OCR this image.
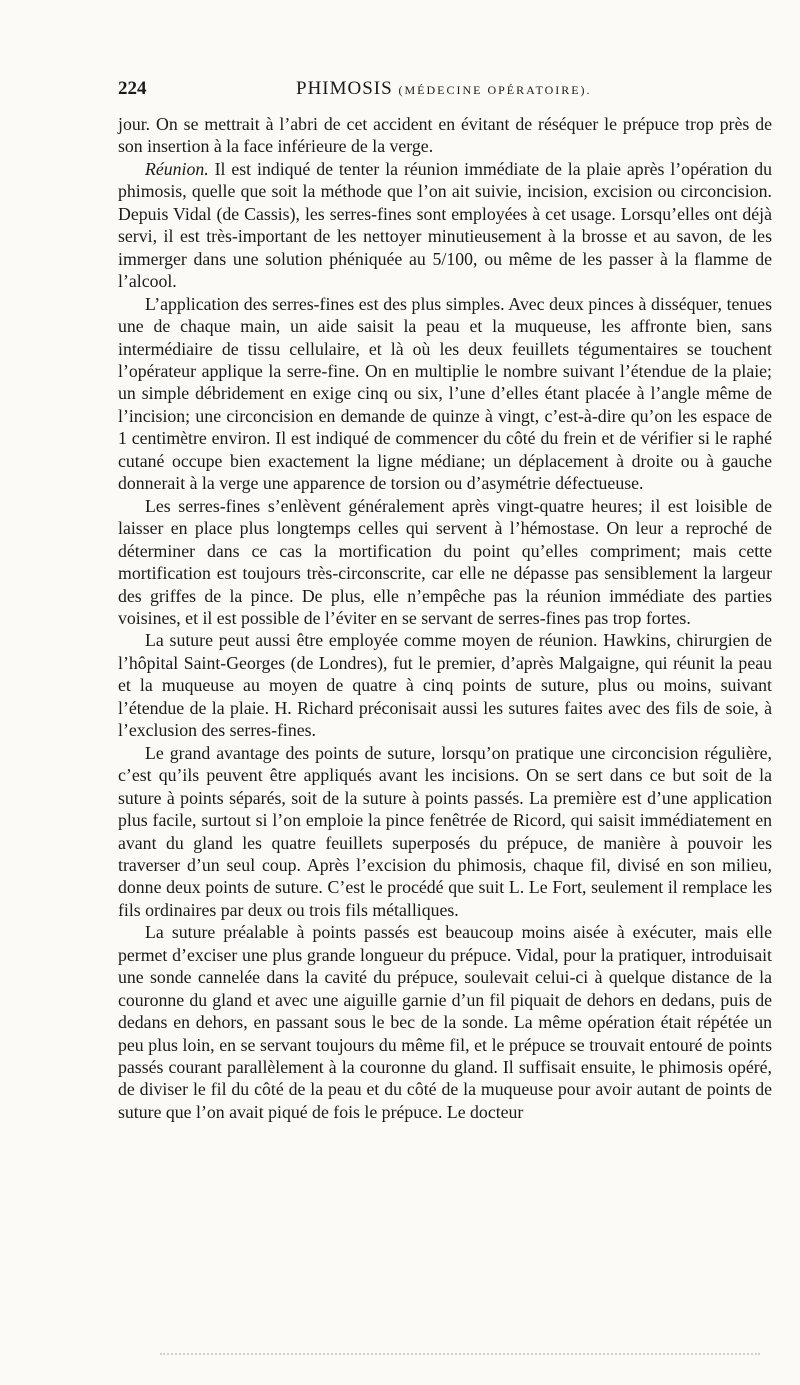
224	PHIMOSIS (MÉDECINE OPÉRATOIRE).

jour. On se mettrait à l’abri de cet accident en évitant de réséquer le prépuce trop près de son insertion à la face inférieure de la verge.

Réunion. Il est indiqué de tenter la réunion immédiate de la plaie après l’opération du phimosis, quelle que soit la méthode que l’on ait suivie, incision, excision ou circoncision. Depuis Vidal (de Cassis), les serres-fines sont employées à cet usage. Lorsqu’elles ont déjà servi, il est très-important de les nettoyer minutieusement à la brosse et au savon, de les immerger dans une solution phéniquée au 5/100, ou même de les passer à la flamme de l’alcool.

L’application des serres-fines est des plus simples. Avec deux pinces à disséquer, tenues une de chaque main, un aide saisit la peau et la muqueuse, les affronte bien, sans intermédiaire de tissu cellulaire, et là où les deux feuillets tégumentaires se touchent l’opérateur applique la serre-fine. On en multiplie le nombre suivant l’étendue de la plaie; un simple débridement en exige cinq ou six, l’une d’elles étant placée à l’angle même de l’incision; une circoncision en demande de quinze à vingt, c’est-à-dire qu’on les espace de 1 centimètre environ. Il est indiqué de commencer du côté du frein et de vérifier si le raphé cutané occupe bien exactement la ligne médiane; un déplacement à droite ou à gauche donnerait à la verge une apparence de torsion ou d’asymétrie défectueuse.

Les serres-fines s’enlèvent généralement après vingt-quatre heures; il est loisible de laisser en place plus longtemps celles qui servent à l’hémostase. On leur a reproché de déterminer dans ce cas la mortification du point qu’elles compriment; mais cette mortification est toujours très-circonscrite, car elle ne dépasse pas sensiblement la largeur des griffes de la pince. De plus, elle n’empêche pas la réunion immédiate des parties voisines, et il est possible de l’éviter en se servant de serres-fines pas trop fortes.

La suture peut aussi être employée comme moyen de réunion. Hawkins, chirurgien de l’hôpital Saint-Georges (de Londres), fut le premier, d’après Malgaigne, qui réunit la peau et la muqueuse au moyen de quatre à cinq points de suture, plus ou moins, suivant l’étendue de la plaie. H. Richard préconisait aussi les sutures faites avec des fils de soie, à l’exclusion des serres-fines.

Le grand avantage des points de suture, lorsqu’on pratique une circoncision régulière, c’est qu’ils peuvent être appliqués avant les incisions. On se sert dans ce but soit de la suture à points séparés, soit de la suture à points passés. La première est d’une application plus facile, surtout si l’on emploie la pince fenêtrée de Ricord, qui saisit immédiatement en avant du gland les quatre feuillets superposés du prépuce, de manière à pouvoir les traverser d’un seul coup. Après l’excision du phimosis, chaque fil, divisé en son milieu, donne deux points de suture. C’est le procédé que suit L. Le Fort, seulement il remplace les fils ordinaires par deux ou trois fils métalliques.

La suture préalable à points passés est beaucoup moins aisée à exécuter, mais elle permet d’exciser une plus grande longueur du prépuce. Vidal, pour la pratiquer, introduisait une sonde cannelée dans la cavité du prépuce, soulevait celui-ci à quelque distance de la couronne du gland et avec une aiguille garnie d’un fil piquait de dehors en dedans, puis de dedans en dehors, en passant sous le bec de la sonde. La même opération était répétée un peu plus loin, en se servant toujours du même fil, et le prépuce se trouvait entouré de points passés courant parallèlement à la couronne du gland. Il suffisait ensuite, le phimosis opéré, de diviser le fil du côté de la peau et du côté de la muqueuse pour avoir autant de points de suture que l’on avait piqué de fois le prépuce. Le docteur
